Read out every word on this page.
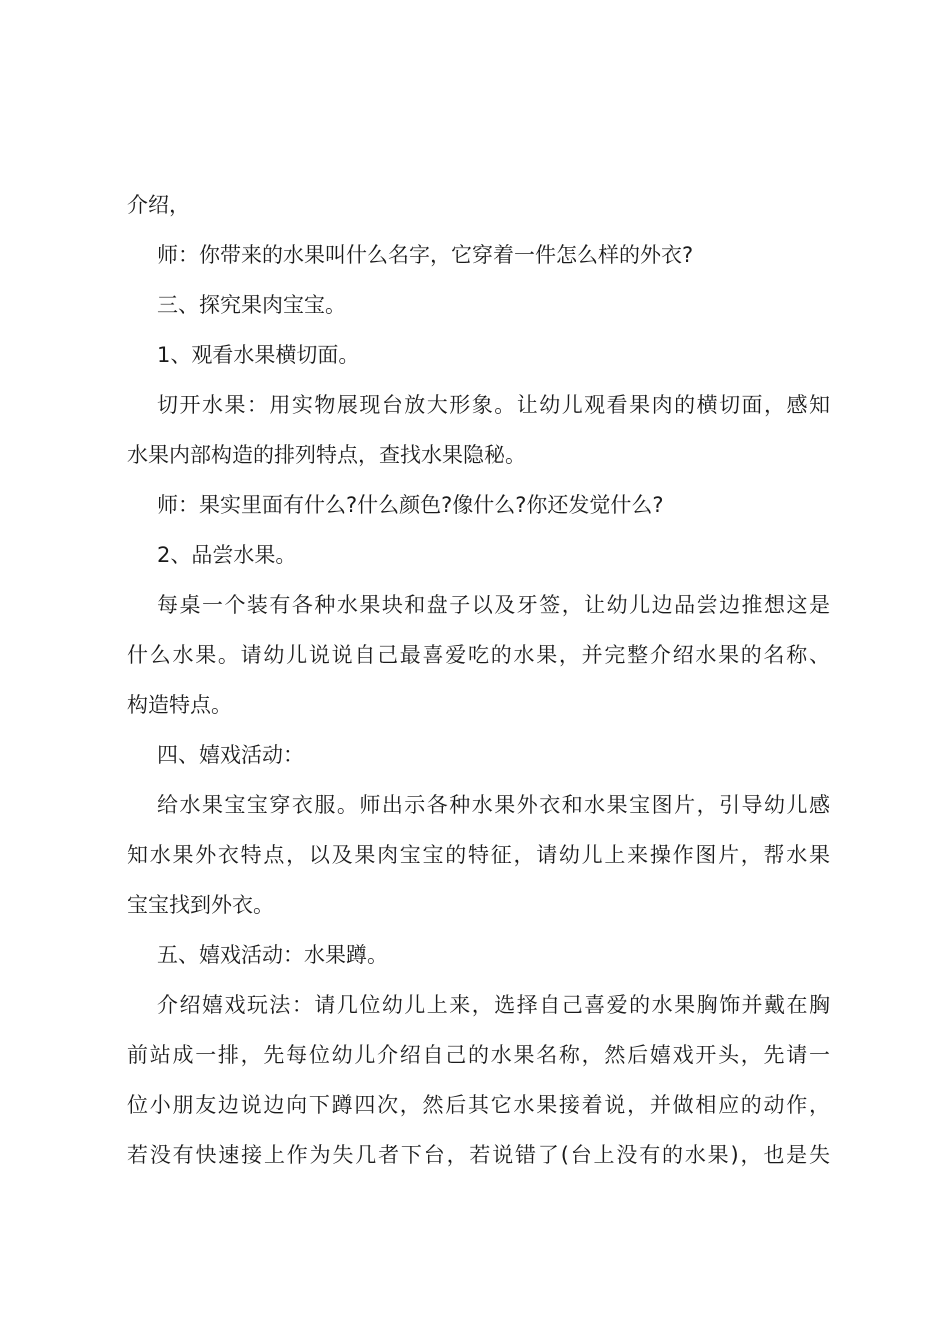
介绍，
师：你带来的水果叫什么名字，它穿着一件怎么样的外衣?
三、探究果肉宝宝。
1、观看水果横切面。
切开水果：用实物展现台放大形象。让幼儿观看果肉的横切面，感知
水果内部构造的排列特点，查找水果隐秘。
师：果实里面有什么?什么颜色?像什么?你还发觉什么?
2、品尝水果。
每桌一个装有各种水果块和盘子以及牙签，让幼儿边品尝边推想这是
什么水果。请幼儿说说自己最喜爱吃的水果，并完整介绍水果的名称、
构造特点。
四、嬉戏活动：
给水果宝宝穿衣服。师出示各种水果外衣和水果宝图片，引导幼儿感
知水果外衣特点，以及果肉宝宝的特征，请幼儿上来操作图片，帮水果
宝宝找到外衣。
五、嬉戏活动：水果蹲。
介绍嬉戏玩法：请几位幼儿上来，选择自己喜爱的水果胸饰并戴在胸
前站成一排，先每位幼儿介绍自己的水果名称，然后嬉戏开头，先请一
位小朋友边说边向下蹲四次，然后其它水果接着说，并做相应的动作，
若没有快速接上作为失几者下台，若说错了(台上没有的水果)，也是失
